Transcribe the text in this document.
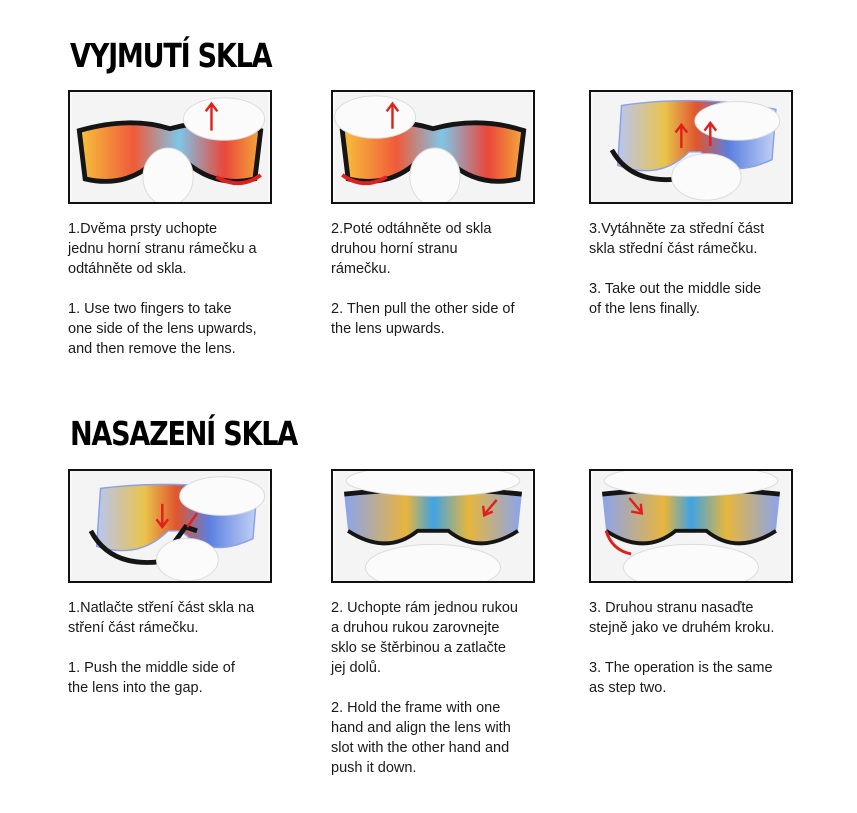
VYJMUTÍ SKLA

1.Dvěma prsty uchopte
jednu horní stranu rámečku a
odtáhněte od skla.

1. Use two fingers to take
one side of the lens upwards,
and then remove the lens.

2.Poté odtáhněte od skla
druhou horní stranu
rámečku.

2. Then pull the other side of
the lens upwards.

3.Vytáhněte za střední část
skla střední část rámečku.

3. Take out the middle side
of the lens finally.

NASAZENÍ SKLA

1.Natlačte stření část skla na
stření část rámečku.

1. Push the middle side of
the lens into the gap.

2. Uchopte rám jednou rukou
a druhou rukou zarovnejte
sklo se štěrbinou a zatlačte
jej dolů.

2. Hold the frame with one
hand and align the lens with
slot with the other hand and
push it down.

3. Druhou stranu nasaďte
stejně jako ve druhém kroku.

3. The operation is the same
as step two.
